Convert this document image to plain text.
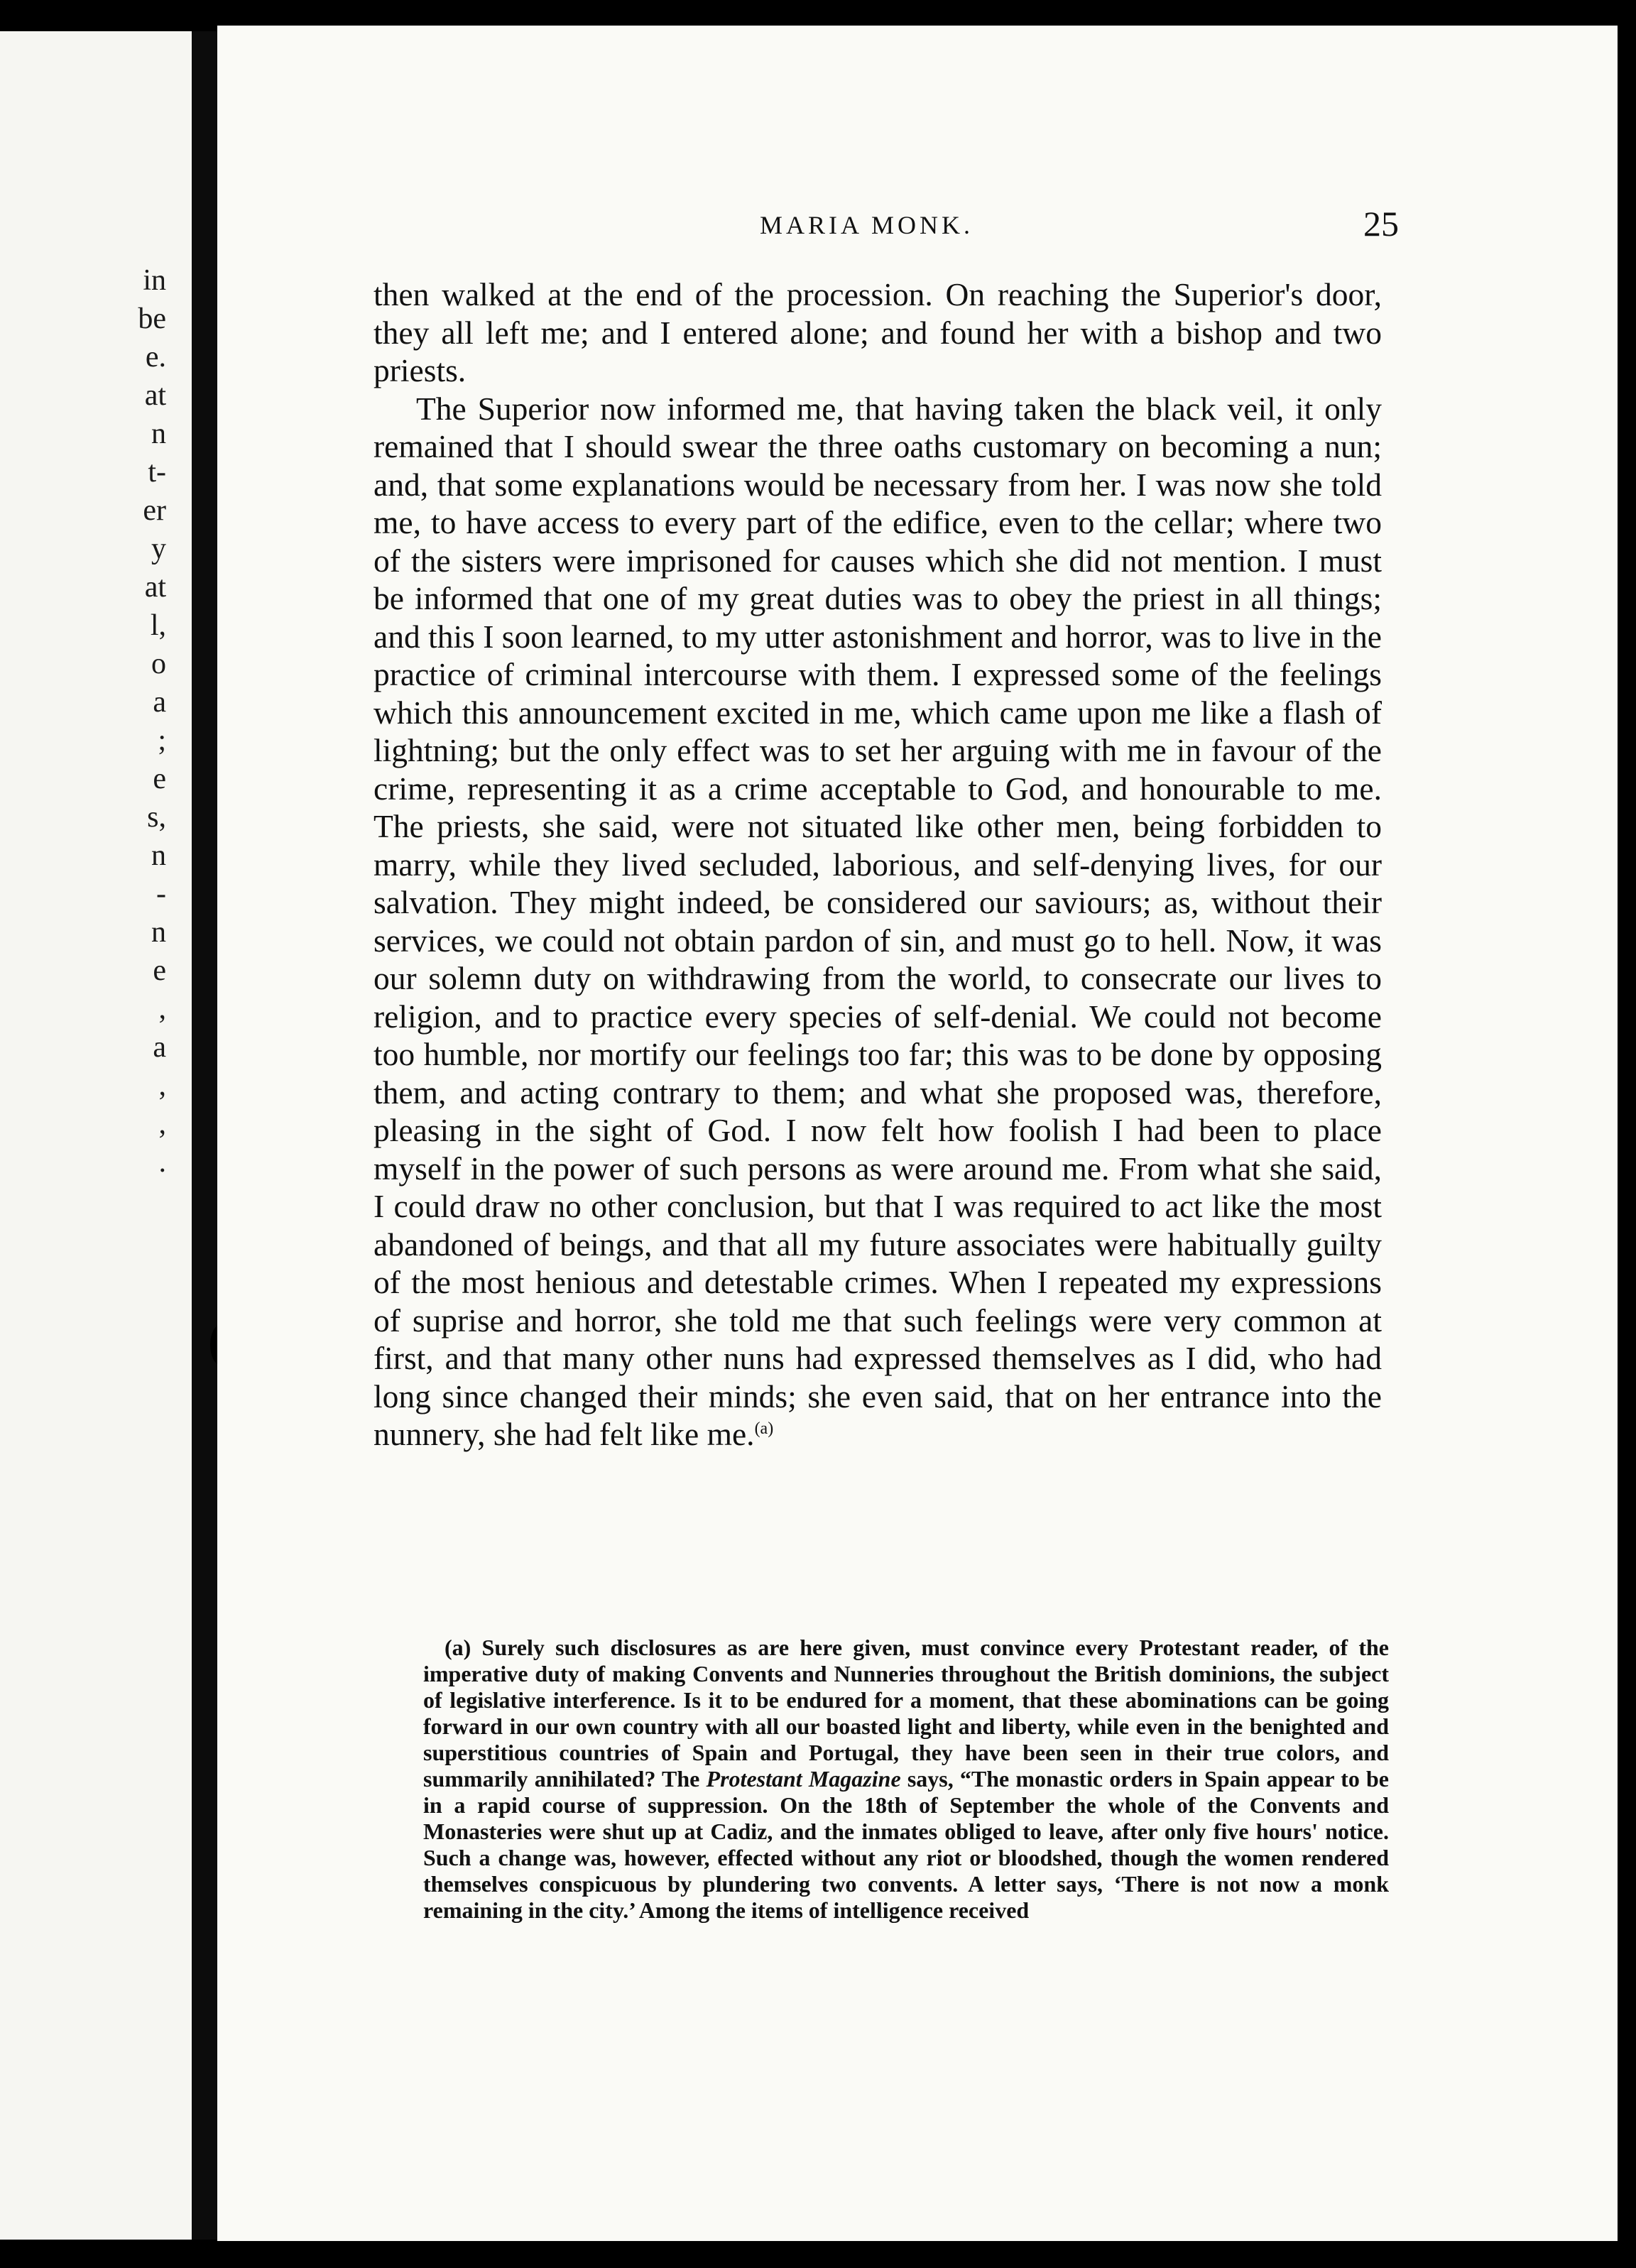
in
be
e.
at
n
t-
er
y
at
l,
o
a
;
e
s,
n
-
n
e
,
a
,
,
.
MARIA MONK.	25

then walked at the end of the procession. On reaching the Superior's door, they all left me; and I entered alone; and found her with a bishop and two priests.

The Superior now informed me, that having taken the black veil, it only remained that I should swear the three oaths customary on becoming a nun; and, that some explanations would be necessary from her. I was now she told me, to have access to every part of the edifice, even to the cellar; where two of the sisters were imprisoned for causes which she did not mention. I must be informed that one of my great duties was to obey the priest in all things; and this I soon learned, to my utter astonishment and horror, was to live in the practice of criminal intercourse with them. I expressed some of the feelings which this announcement excited in me, which came upon me like a flash of lightning; but the only effect was to set her arguing with me in favour of the crime, representing it as a crime acceptable to God, and honourable to me. The priests, she said, were not situated like other men, being forbidden to marry, while they lived secluded, laborious, and self-denying lives, for our salvation. They might indeed, be considered our saviours; as, without their services, we could not obtain pardon of sin, and must go to hell. Now, it was our solemn duty on withdrawing from the world, to consecrate our lives to religion, and to practice every species of self-denial. We could not become too humble, nor mortify our feelings too far; this was to be done by opposing them, and acting contrary to them; and what she proposed was, therefore, pleasing in the sight of God. I now felt how foolish I had been to place myself in the power of such persons as were around me. From what she said, I could draw no other conclusion, but that I was required to act like the most abandoned of beings, and that all my future associates were habitually guilty of the most henious and detestable crimes. When I repeated my expressions of suprise and horror, she told me that such feelings were very common at first, and that many other nuns had expressed themselves as I did, who had long since changed their minds; she even said, that on her entrance into the nunnery, she had felt like me.$^{(a)}$

(a) Surely such disclosures as are here given, must convince every Protestant reader, of the imperative duty of making Convents and Nunneries throughout the British dominions, the subject of legislative interference. Is it to be endured for a moment, that these abominations can be going forward in our own country with all our boasted light and liberty, while even in the benighted and superstitious countries of Spain and Portugal, they have been seen in their true colors, and summarily annihilated? The Protestant Magazine says, “The monastic orders in Spain appear to be in a rapid course of suppression. On the 18th of September the whole of the Convents and Monasteries were shut up at Cadiz, and the inmates obliged to leave, after only five hours' notice. Such a change was, however, effected without any riot or bloodshed, though the women rendered themselves conspicuous by plundering two convents. A letter says, ‘There is not now a monk remaining in the city.’ Among the items of intelligence received
